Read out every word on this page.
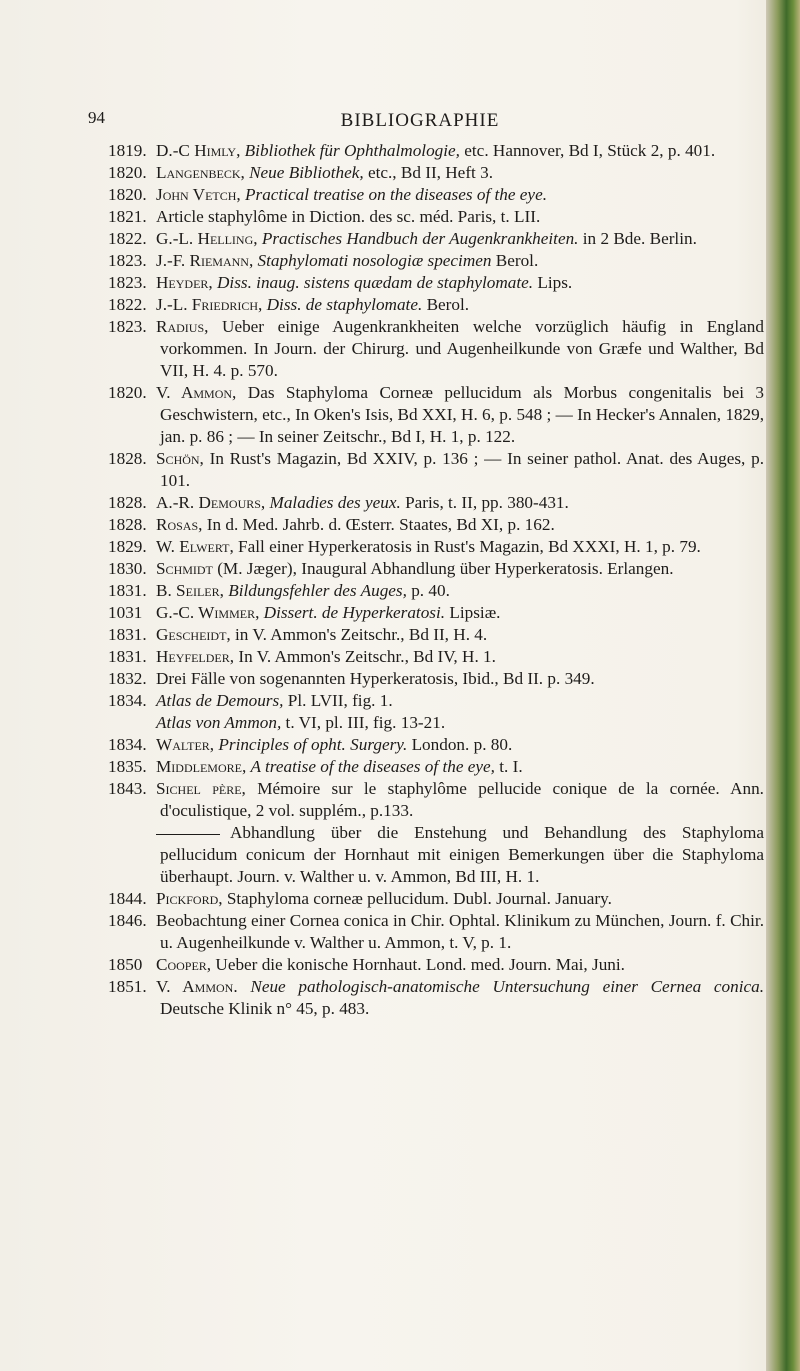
94	BIBLIOGRAPHIE

1819. D.-C Himly, Bibliothek für Ophthalmologie, etc. Hannover, Bd I, Stück 2, p. 401.

1820. Langenbeck, Neue Bibliothek, etc., Bd II, Heft 3.

1820. John Vetch, Practical treatise on the diseases of the eye.

1821. Article staphylôme in Diction. des sc. méd. Paris, t. LII.

1822. G.-L. Helling, Practisches Handbuch der Augenkrankheiten. in 2 Bde. Berlin.

1823. J.-F. Riemann, Staphylomati nosologiæ specimen Berol.

1823. Heyder, Diss. inaug. sistens quædam de staphylomate. Lips.

1822. J.-L. Friedrich, Diss. de staphylomate. Berol.

1823. Radius, Ueber einige Augenkrankheiten welche vorzüglich häufig in England vorkommen. In Journ. der Chirurg. und Augenheilkunde von Græfe und Walther, Bd VII, H. 4. p. 570.

1820. V. Ammon, Das Staphyloma Corneæ pellucidum als Morbus congenitalis bei 3 Geschwistern, etc., In Oken's Isis, Bd XXI, H. 6, p. 548 ; — In Hecker's Annalen, 1829, jan. p. 86 ; — In seiner Zeitschr., Bd I, H. 1, p. 122.

1828. Schön, In Rust's Magazin, Bd XXIV, p. 136 ; — In seiner pathol. Anat. des Auges, p. 101.

1828. A.-R. Demours, Maladies des yeux. Paris, t. II, pp. 380-431.

1828. Rosas, In d. Med. Jahrb. d. Œsterr. Staates, Bd XI, p. 162.

1829. W. Elwert, Fall einer Hyperkeratosis in Rust's Magazin, Bd XXXI, H. 1, p. 79.

1830. Schmidt (M. Jæger), Inaugural Abhandlung über Hyperkeratosis. Erlangen.

1831. B. Seiler, Bildungsfehler des Auges, p. 40.

1031 G.-C. Wimmer, Dissert. de Hyperkeratosi. Lipsiæ.

1831. Gescheidt, in V. Ammon's Zeitschr., Bd II, H. 4.

1831. Heyfelder, In V. Ammon's Zeitschr., Bd IV, H. 1.

1832. Drei Fälle von sogenannten Hyperkeratosis, Ibid., Bd II. p. 349.

1834. Atlas de Demours, Pl. LVII, fig. 1.

Atlas von Ammon, t. VI, pl. III, fig. 13-21.

1834. Walter, Principles of opht. Surgery. London. p. 80.

1835. Middlemore, A treatise of the diseases of the eye, t. I.

1843. Sichel père, Mémoire sur le staphylôme pellucide conique de la cornée. Ann. d'oculistique, 2 vol. supplém., p.133.

Abhandlung über die Enstehung und Behandlung des Staphyloma pellucidum conicum der Hornhaut mit einigen Bemerkungen über die Staphyloma überhaupt. Journ. v. Walther u. v. Ammon, Bd III, H. 1.

1844. Pickford, Staphyloma corneæ pellucidum. Dubl. Journal. January.

1846. Beobachtung einer Cornea conica in Chir. Ophtal. Klinikum zu München, Journ. f. Chir. u. Augenheilkunde v. Walther u. Ammon, t. V, p. 1.

1850 Cooper, Ueber die konische Hornhaut. Lond. med. Journ. Mai, Juni.

1851. V. Ammon. Neue pathologisch-anatomische Untersuchung einer Cernea conica. Deutsche Klinik n° 45, p. 483.
